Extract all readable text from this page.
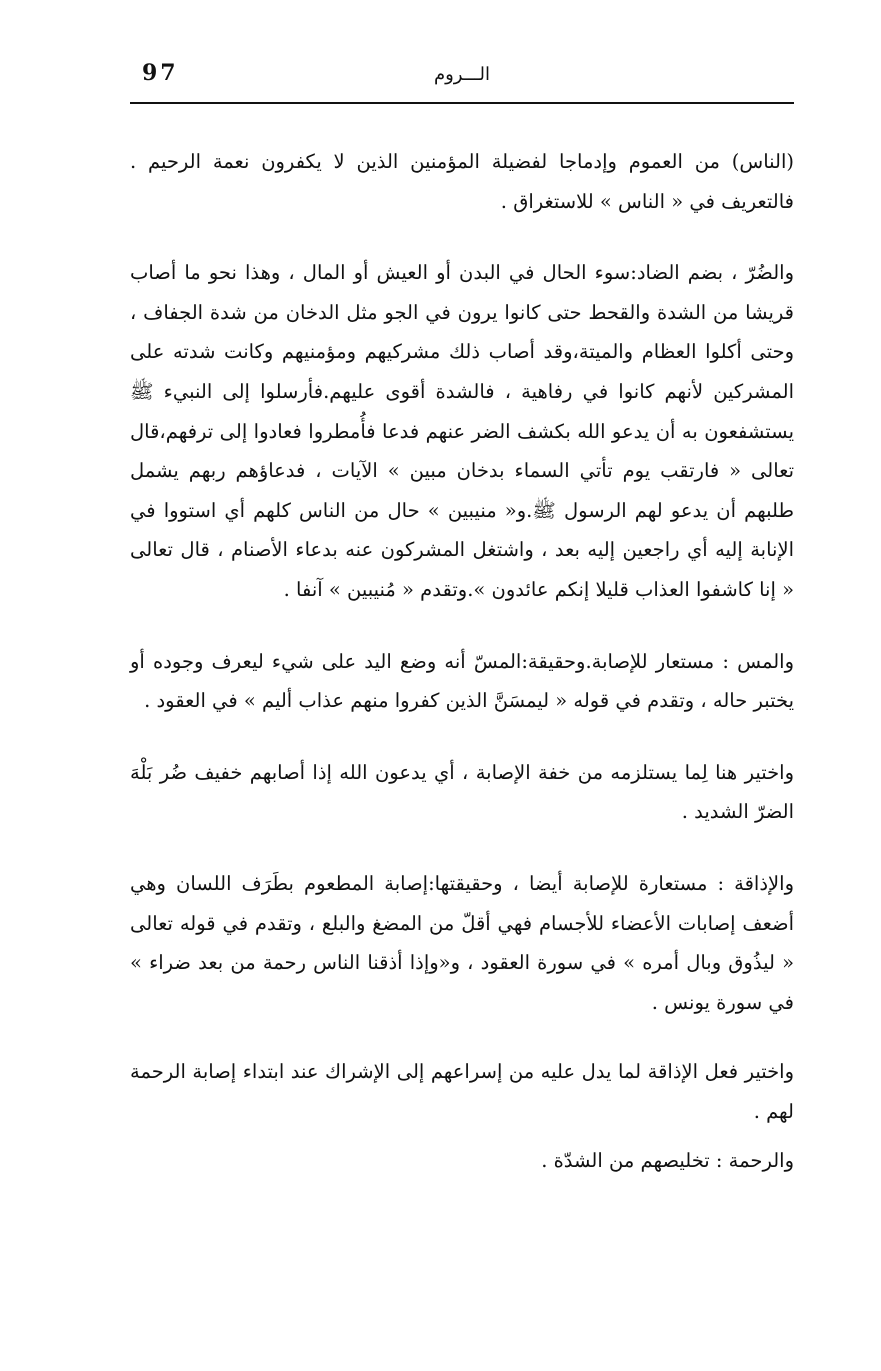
97	الـــروم

(الناس) من العموم وإدماجا لفضيلة المؤمنين الذين لا يكفرون نعمة الرحيم . فالتعريف في « الناس » للاستغراق .

والضُرّ ، بضم الضاد:سوء الحال في البدن أو العيش أو المال ، وهذا نحو ما أصاب قريشا من الشدة والقحط حتى كانوا يرون في الجو مثل الدخان من شدة الجفاف ، وحتى أكلوا العظام والميتة،وقد أصاب ذلك مشركيهم ومؤمنيهم وكانت شدته على المشركين لأنهم كانوا في رفاهية ، فالشدة أقوى عليهم.فأرسلوا إلى النبيء ﷺ يستشفعون به أن يدعو الله بكشف الضر عنهم فدعا فأُمطروا فعادوا إلى ترفهم،قال تعالى « فارتقب يوم تأتي السماء بدخان مبين » الآيات ، فدعاؤهم ربهم يشمل طلبهم أن يدعو لهم الرسول ﷺ.و« منيبين » حال من الناس كلهم أي استووا في الإنابة إليه أي راجعين إليه بعد ، واشتغل المشركون عنه بدعاء الأصنام ، قال تعالى « إنا كاشفوا العذاب قليلا إنكم عائدون ».وتقدم « مُنيبين » آنفا .

والمس : مستعار للإصابة.وحقيقة:المسّ أنه وضع اليد على شيء ليعرف وجوده أو يختبر حاله ، وتقدم في قوله « ليمسَنَّ الذين كفروا منهم عذاب أليم » في العقود .

واختير هنا لِما يستلزمه من خفة الإصابة ، أي يدعون الله إذا أصابهم خفيف ضُر بَلْهَ الضرّ الشديد .

والإذاقة : مستعارة للإصابة أيضا ، وحقيقتها:إصابة المطعوم بطَرَف اللسان وهي أضعف إصابات الأعضاء للأجسام فهي أقلّ من المضغ والبلع ، وتقدم في قوله تعالى « ليذُوق وبال أمره » في سورة العقود ، و«وإذا أذقنا الناس رحمة من بعد ضراء » في سورة يونس .

واختير فعل الإذاقة لما يدل عليه من إسراعهم إلى الإشراك عند ابتداء إصابة الرحمة لهم .

والرحمة : تخليصهم من الشدّة .
